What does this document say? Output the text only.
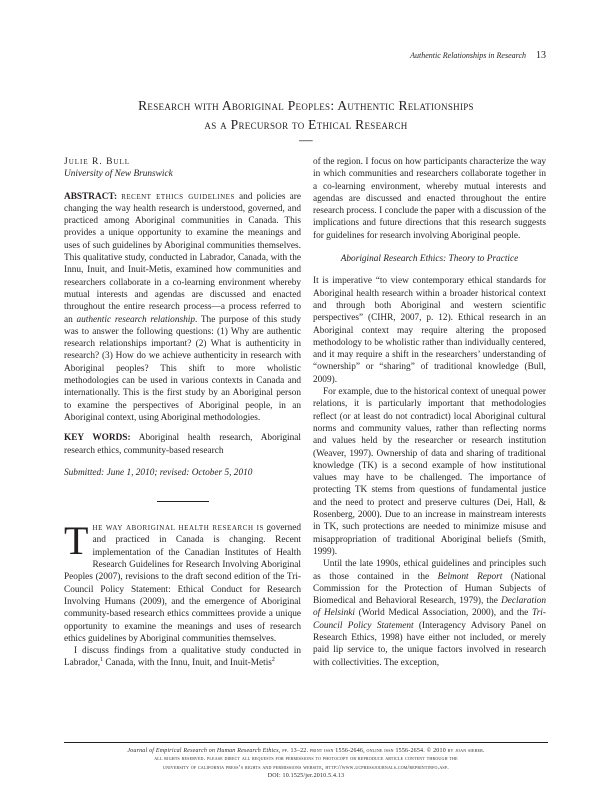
Authentic Relationships in Research 13
Research with Aboriginal Peoples: Authentic Relationships
as a Precursor to Ethical Research
—
Julie R. Bull
University of New Brunswick

ABSTRACT: recent ethics guidelines and policies are changing the way health research is understood, governed, and practiced among Aboriginal communities in Canada. This provides a unique opportunity to examine the meanings and uses of such guidelines by Aboriginal communities themselves. This qualitative study, conducted in Labrador, Canada, with the Innu, Inuit, and Inuit-Metis, examined how communities and researchers collaborate in a co-learning environment whereby mutual interests and agendas are discussed and enacted throughout the entire research process—a process referred to an authentic research relationship. The purpose of this study was to answer the following questions: (1) Why are authentic research relationships important? (2) What is authenticity in research? (3) How do we achieve authenticity in research with Aboriginal peoples? This shift to more wholistic methodologies can be used in various contexts in Canada and internationally. This is the first study by an Aboriginal person to examine the perspectives of Aboriginal people, in an Aboriginal context, using Aboriginal methodologies.

KEY WORDS: Aboriginal health research, Aboriginal research ethics, community-based research

Submitted: June 1, 2010; revised: October 5, 2010

The way aboriginal health research is governed and practiced in Canada is changing. Recent implementation of the Canadian Institutes of Health Research Guidelines for Research Involving Aboriginal Peoples (2007), revisions to the draft second edition of the Tri-Council Policy Statement: Ethical Conduct for Research Involving Humans (2009), and the emergence of Aboriginal community-based research ethics committees provide a unique opportunity to examine the meanings and uses of research ethics guidelines by Aboriginal communities themselves.

I discuss findings from a qualitative study conducted in Labrador,$^1$ Canada, with the Innu, Inuit, and Inuit-Metis$^2$

of the region. I focus on how participants characterize the way in which communities and researchers collaborate together in a co-learning environment, whereby mutual interests and agendas are discussed and enacted throughout the entire research process. I conclude the paper with a discussion of the implications and future directions that this research suggests for guidelines for research involving Aboriginal people.

Aboriginal Research Ethics: Theory to Practice

It is imperative “to view contemporary ethical standards for Aboriginal health research within a broader historical context and through both Aboriginal and western scientific perspectives” (CIHR, 2007, p. 12). Ethical research in an Aboriginal context may require altering the proposed methodology to be wholistic rather than individually centered, and it may require a shift in the researchers’ understanding of “ownership” or “sharing” of traditional knowledge (Bull, 2009).

For example, due to the historical context of unequal power relations, it is particularly important that methodologies reflect (or at least do not contradict) local Aboriginal cultural norms and community values, rather than reflecting norms and values held by the researcher or research institution (Weaver, 1997). Ownership of data and sharing of traditional knowledge (TK) is a second example of how institutional values may have to be challenged. The importance of protecting TK stems from questions of fundamental justice and the need to protect and preserve cultures (Dei, Hall, & Rosenberg, 2000). Due to an increase in mainstream interests in TK, such protections are needed to minimize misuse and misappropriation of traditional Aboriginal beliefs (Smith, 1999).

Until the late 1990s, ethical guidelines and principles such as those contained in the Belmont Report (National Commission for the Protection of Human Subjects of Biomedical and Behavioral Research, 1979), the Declaration of Helsinki (World Medical Association, 2000), and the Tri-Council Policy Statement (Interagency Advisory Panel on Research Ethics, 1998) have either not included, or merely paid lip service to, the unique factors involved in research with collectivities. The exception,

Journal of Empirical Research on Human Research Ethics, pp. 13–22. print issn 1556-2646, online issn 1556-2654. © 2010 by joan sieber.
all rights reserved. please direct all requests for permissions to photocopy or reproduce article content through the
university of california press’s rights and permissions website, http://www.ucpressjournals.com/reprintinfo.asp.
DOI: 10.1525/jer.2010.5.4.13
